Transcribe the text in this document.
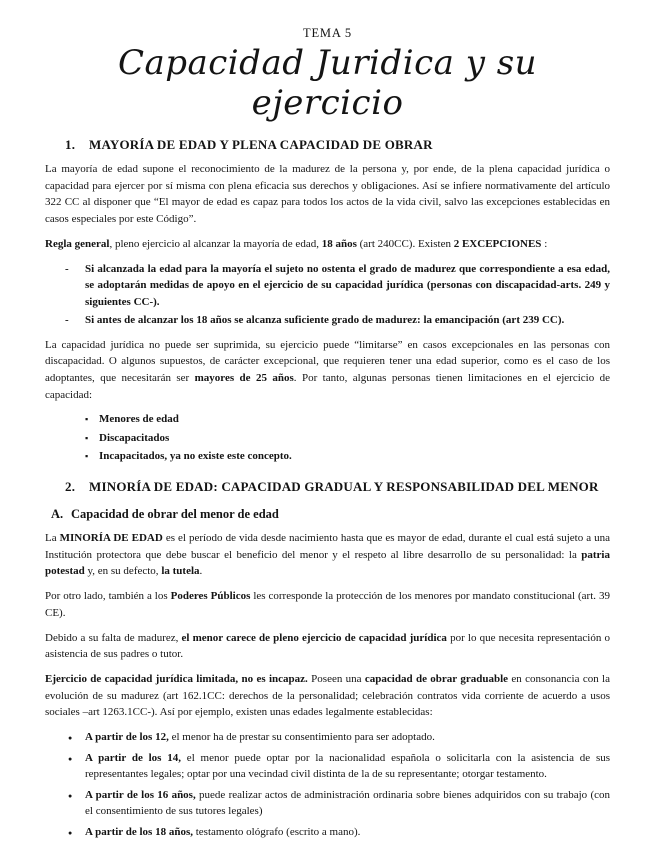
TEMA 5
Capacidad Juridica y su ejercicio
1.	MAYORÍA DE EDAD Y PLENA CAPACIDAD DE OBRAR

La mayoría de edad supone el reconocimiento de la madurez de la persona y, por ende, de la plena capacidad jurídica o capacidad para ejercer por sí misma con plena eficacia sus derechos y obligaciones. Así se infiere normativamente del artículo 322 CC al disponer que “El mayor de edad es capaz para todos los actos de la vida civil, salvo las excepciones establecidas en casos especiales por este Código”.

Regla general, pleno ejercicio al alcanzar la mayoría de edad, 18 años (art 240CC). Existen 2 EXCEPCIONES :

- Si alcanzada la edad para la mayoría el sujeto no ostenta el grado de madurez que correspondiente a esa edad, se adoptarán medidas de apoyo en el ejercicio de su capacidad jurídica (personas con discapacidad-arts. 249 y siguientes CC-).
- Si antes de alcanzar los 18 años se alcanza suficiente grado de madurez: la emancipación (art 239 CC).

La capacidad jurídica no puede ser suprimida, su ejercicio puede “limitarse” en casos excepcionales en las personas con discapacidad. O algunos supuestos, de carácter excepcional, que requieren tener una edad superior, como es el caso de los adoptantes, que necesitarán ser mayores de 25 años. Por tanto, algunas personas tienen limitaciones en el ejercicio de capacidad:

▪ Menores de edad
▪ Discapacitados
▪ Incapacitados, ya no existe este concepto.
2.	MINORÍA DE EDAD: CAPACIDAD GRADUAL Y RESPONSABILIDAD DEL MENOR
A. Capacidad de obrar del menor de edad

La MINORÍA DE EDAD es el período de vida desde nacimiento hasta que es mayor de edad, durante el cual está sujeto a una Institución protectora que debe buscar el beneficio del menor y el respeto al libre desarrollo de su personalidad: la patria potestad y, en su defecto, la tutela.

Por otro lado, también a los Poderes Públicos les corresponde la protección de los menores por mandato constitucional (art. 39 CE).

Debido a su falta de madurez, el menor carece de pleno ejercicio de capacidad jurídica por lo que necesita representación o asistencia de sus padres o tutor.

Ejercicio de capacidad jurídica limitada, no es incapaz. Poseen una capacidad de obrar graduable en consonancia con la evolución de su madurez (art 162.1CC: derechos de la personalidad; celebración contratos vida corriente de acuerdo a usos sociales –art 1263.1CC-). Así por ejemplo, existen unas edades legalmente establecidas:

● A partir de los 12, el menor ha de prestar su consentimiento para ser adoptado.
● A partir de los 14, el menor puede optar por la nacionalidad española o solicitarla con la asistencia de sus representantes legales; optar por una vecindad civil distinta de la de su representante; otorgar testamento.
● A partir de los 16 años, puede realizar actos de administración ordinaria sobre bienes adquiridos con su trabajo (con el consentimiento de sus tutores legales)
● A partir de los 18 años, testamento ológrafo (escrito a mano).
